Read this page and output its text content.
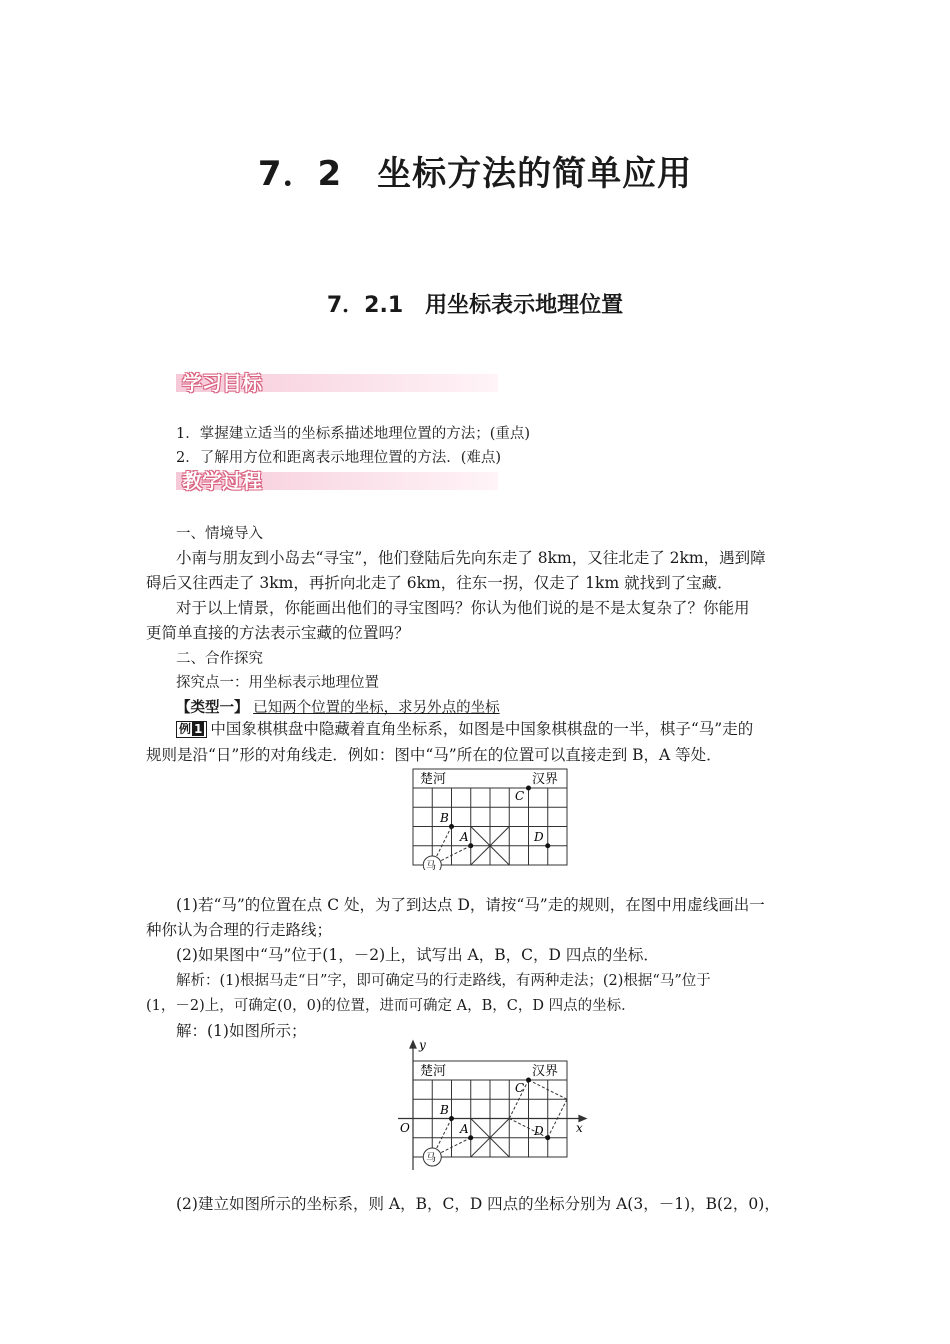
7．2　坐标方法的简单应用
7．2.1　用坐标表示地理位置
学习目标
1．掌握建立适当的坐标系描述地理位置的方法；(重点)
2．了解用方位和距离表示地理位置的方法．(难点)
教学过程
一、情境导入
小南与朋友到小岛去“寻宝”，他们登陆后先向东走了 8km，又往北走了 2km，遇到障
碍后又往西走了 3km，再折向北走了 6km，往东一拐，仅走了 1km 就找到了宝藏．
对于以上情景，你能画出他们的寻宝图吗？你认为他们说的是不是太复杂了？你能用
更简单直接的方法表示宝藏的位置吗？
二、合作探究
探究点一：用坐标表示地理位置
【类型一】 已知两个位置的坐标，求另外点的坐标
例 1 中国象棋棋盘中隐藏着直角坐标系，如图是中国象棋棋盘的一半，棋子“马”走的
规则是沿“日”形的对角线走．例如：图中“马”所在的位置可以直接走到 B，A 等处．
楚河	汉界
B
A
C
D
马
(1)若“马”的位置在点 C 处，为了到达点 D，请按“马”走的规则，在图中用虚线画出一
种你认为合理的行走路线；
(2)如果图中“马”位于(1，－2)上，试写出 A，B，C，D 四点的坐标．
解析：(1)根据马走“日”字，即可确定马的行走路线，有两种走法；(2)根据“马”位于
(1，－2)上，可确定(0，0)的位置，进而可确定 A，B，C，D 四点的坐标．
解：(1)如图所示；
x
y
O
楚河	汉界
B
A
C
D
马
(2)建立如图所示的坐标系，则 A，B，C，D 四点的坐标分别为 A(3，－1)，B(2，0)，
